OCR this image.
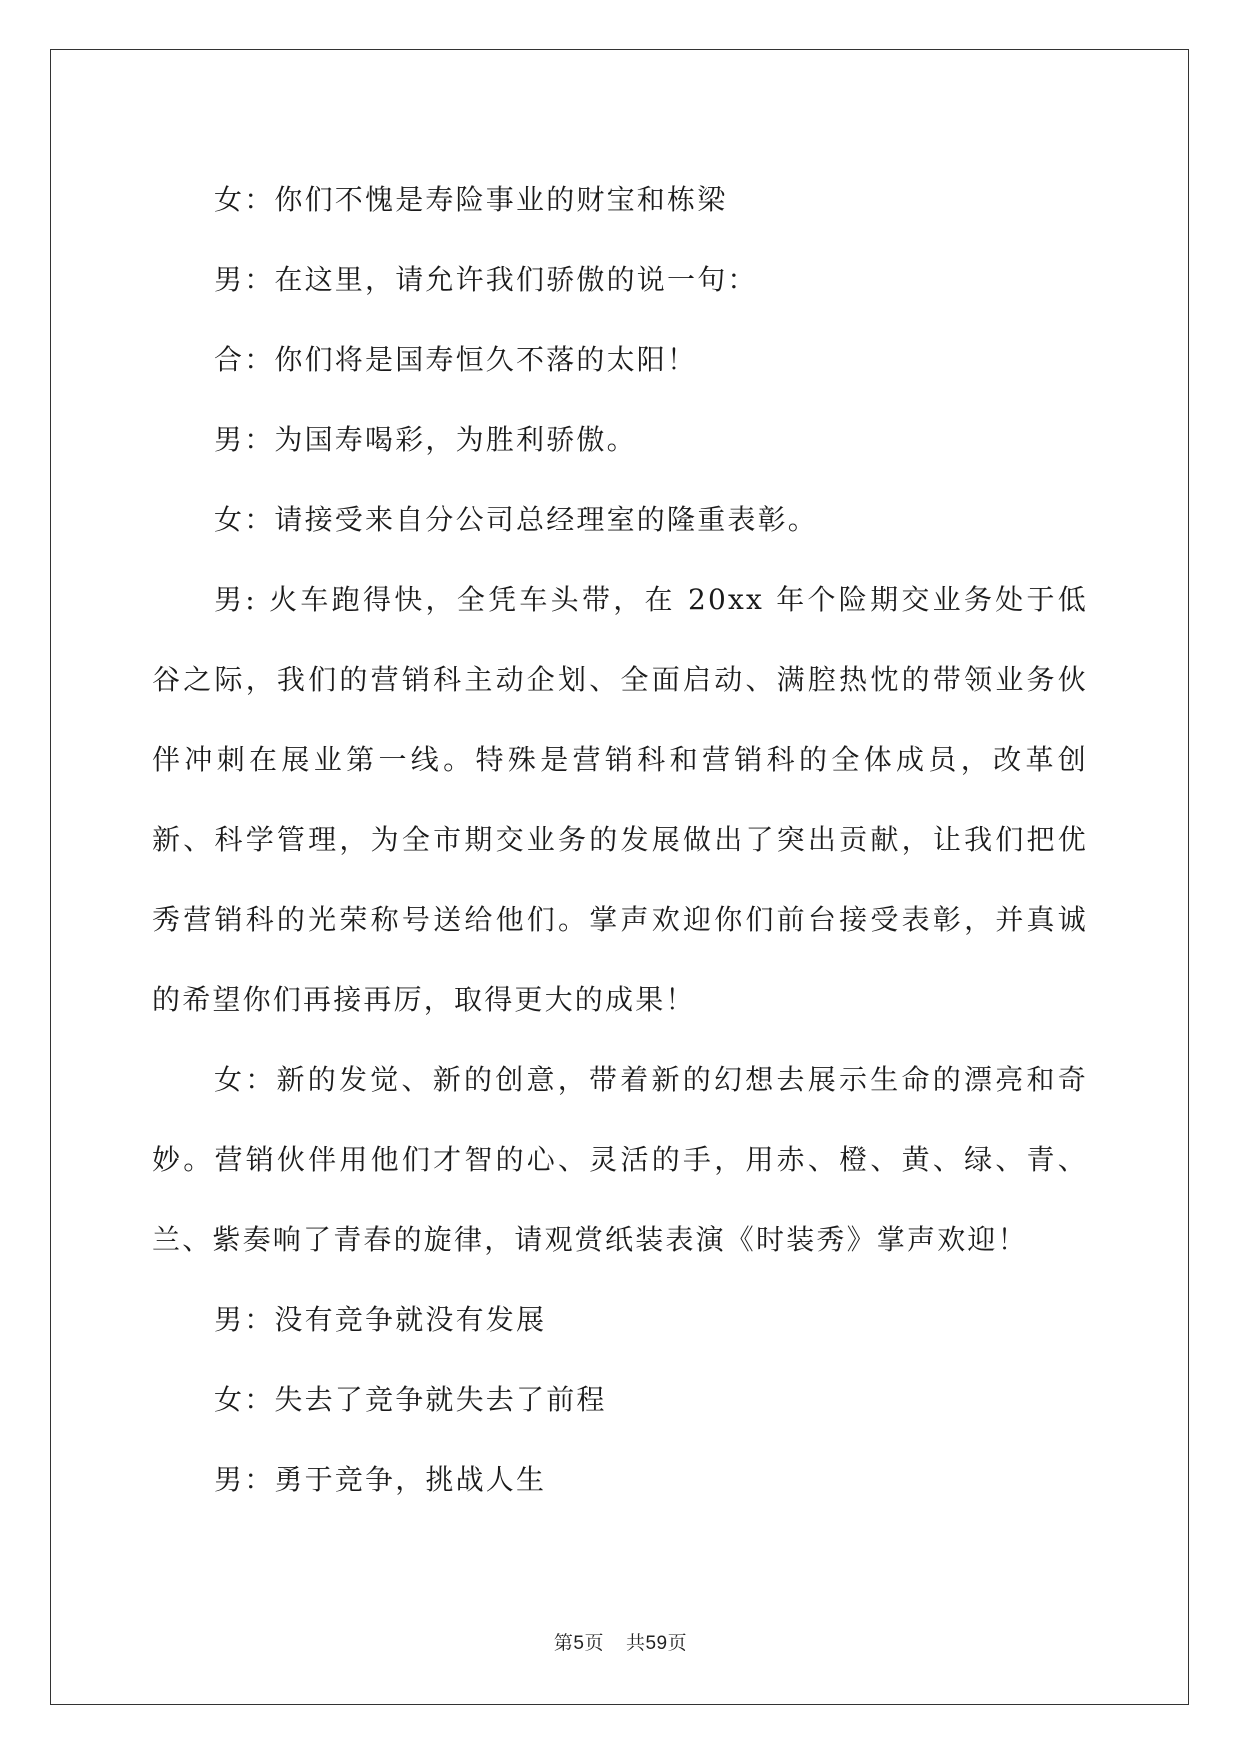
女：你们不愧是寿险事业的财宝和栋梁

男：在这里，请允许我们骄傲的说一句：

合：你们将是国寿恒久不落的太阳！

男：为国寿喝彩，为胜利骄傲。

女：请接受来自分公司总经理室的隆重表彰。

男: 火车跑得快，全凭车头带，在 20xx 年个险期交业务处于低谷之际，我们的营销科主动企划、全面启动、满腔热忱的带领业务伙伴冲刺在展业第一线。特殊是营销科和营销科的全体成员，改革创新、科学管理，为全市期交业务的发展做出了突出贡献，让我们把优秀营销科的光荣称号送给他们。掌声欢迎你们前台接受表彰，并真诚的希望你们再接再厉，取得更大的成果！

女：新的发觉、新的创意，带着新的幻想去展示生命的漂亮和奇妙。营销伙伴用他们才智的心、灵活的手，用赤、橙、黄、绿、青、兰、紫奏响了青春的旋律，请观赏纸装表演《时装秀》掌声欢迎！

男：没有竞争就没有发展

女：失去了竞争就失去了前程

男：勇于竞争，挑战人生

第5页 共59页
